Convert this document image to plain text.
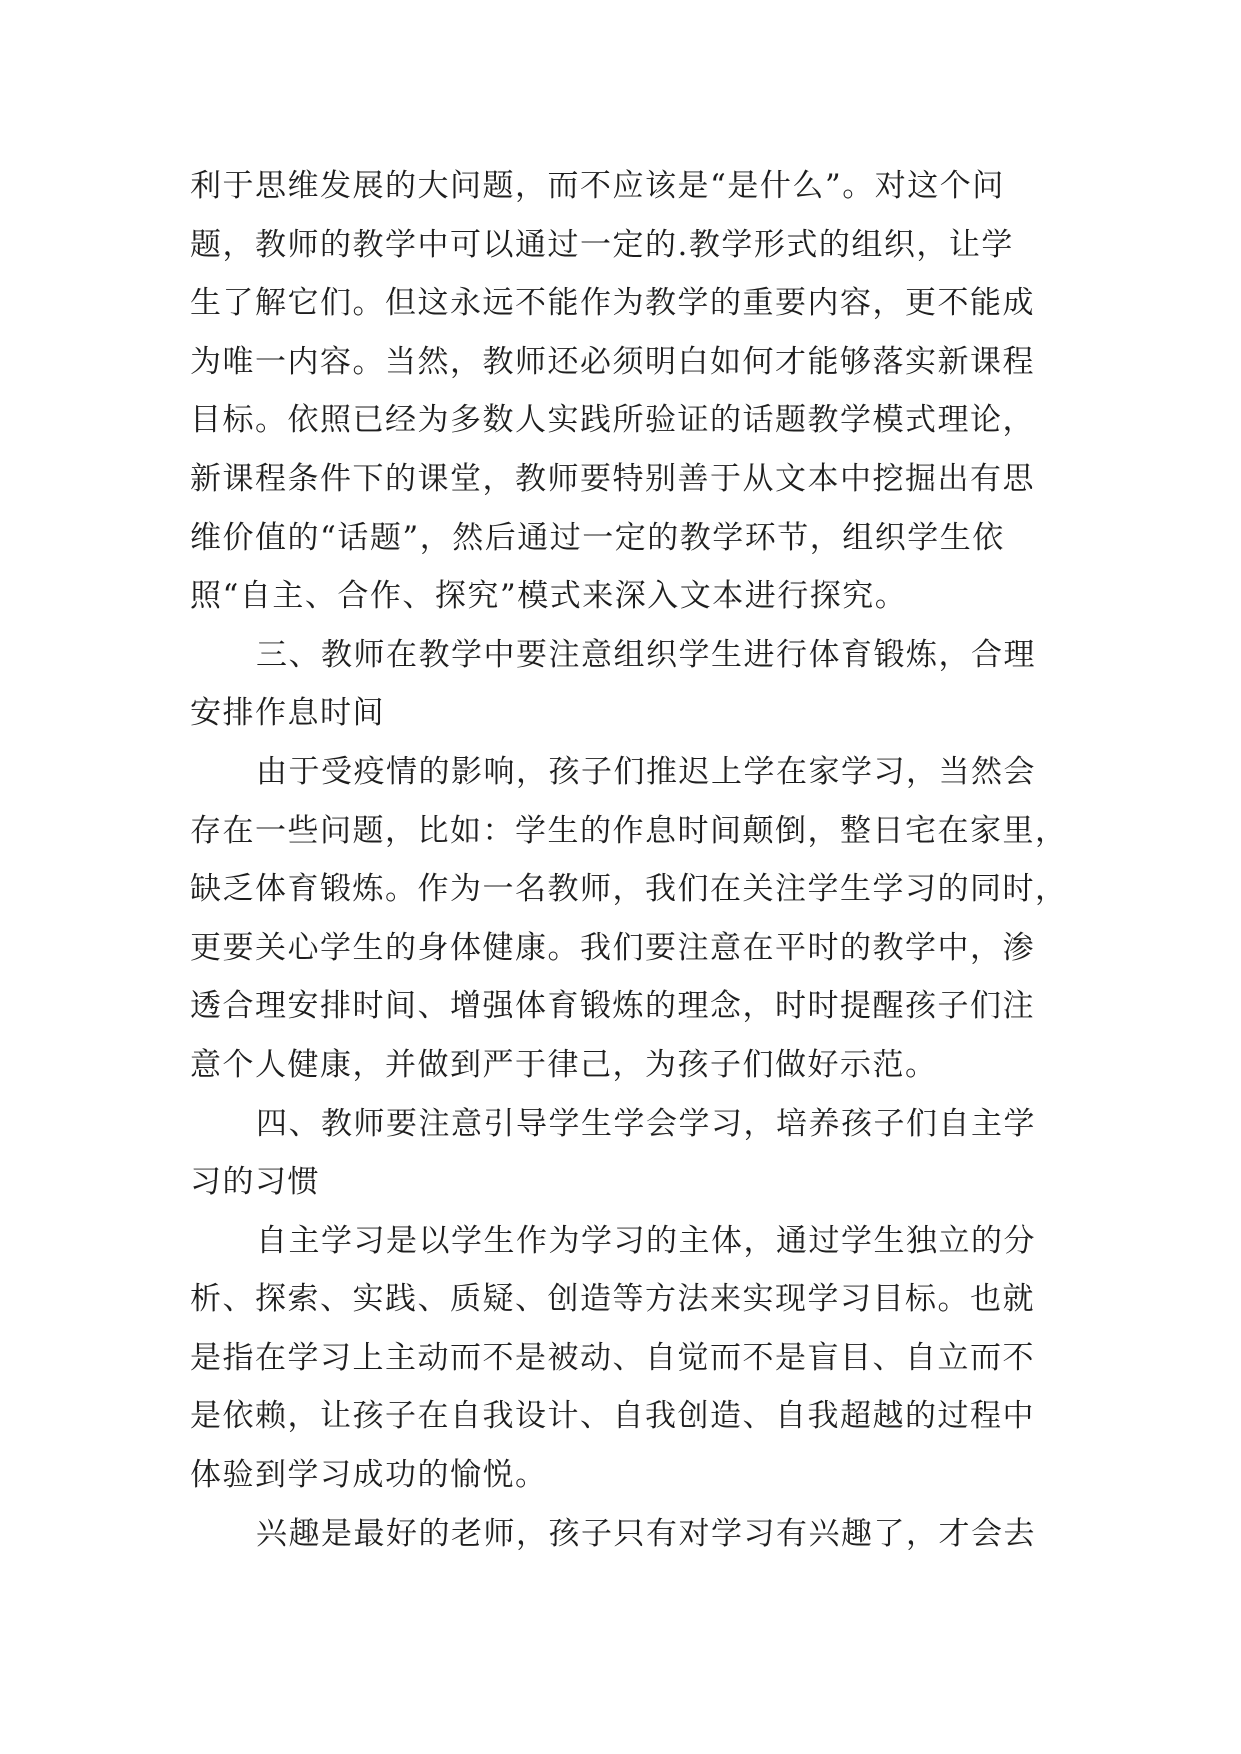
利于思维发展的大问题，而不应该是“是什么”。对这个问
题，教师的教学中可以通过一定的.教学形式的组织，让学
生了解它们。但这永远不能作为教学的重要内容，更不能成
为唯一内容。当然，教师还必须明白如何才能够落实新课程
目标。依照已经为多数人实践所验证的话题教学模式理论，
新课程条件下的课堂，教师要特别善于从文本中挖掘出有思
维价值的“话题”，然后通过一定的教学环节，组织学生依
照“自主、合作、探究”模式来深入文本进行探究。
三、教师在教学中要注意组织学生进行体育锻炼，合理
安排作息时间
由于受疫情的影响，孩子们推迟上学在家学习，当然会
存在一些问题，比如：学生的作息时间颠倒，整日宅在家里，
缺乏体育锻炼。作为一名教师，我们在关注学生学习的同时，
更要关心学生的身体健康。我们要注意在平时的教学中，渗
透合理安排时间、增强体育锻炼的理念，时时提醒孩子们注
意个人健康，并做到严于律己，为孩子们做好示范。
四、教师要注意引导学生学会学习，培养孩子们自主学
习的习惯
自主学习是以学生作为学习的主体，通过学生独立的分
析、探索、实践、质疑、创造等方法来实现学习目标。也就
是指在学习上主动而不是被动、自觉而不是盲目、自立而不
是依赖，让孩子在自我设计、自我创造、自我超越的过程中
体验到学习成功的愉悦。
兴趣是最好的老师，孩子只有对学习有兴趣了，才会去
